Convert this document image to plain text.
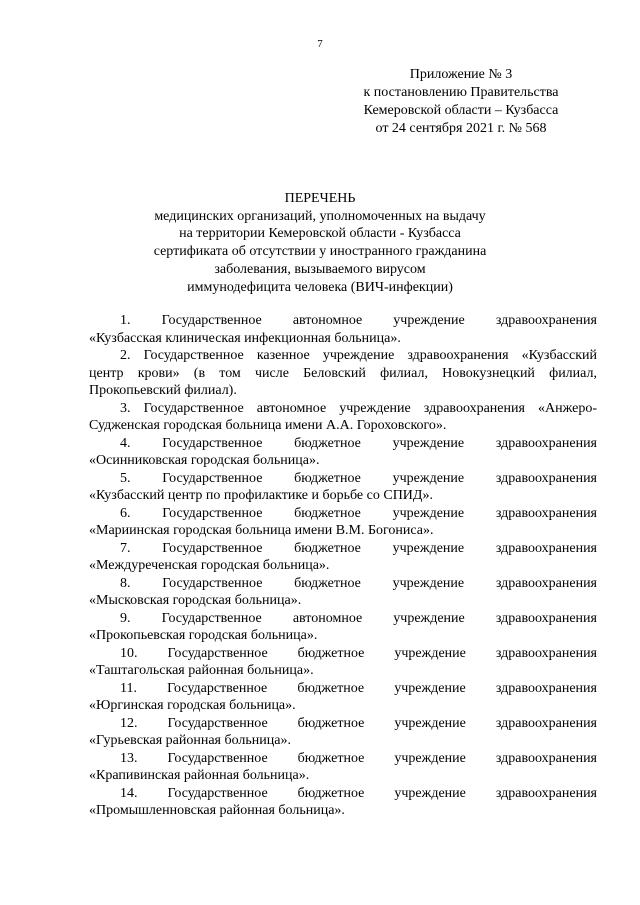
7
Приложение № 3
к постановлению Правительства
Кемеровской области – Кузбасса
от 24 сентября 2021 г. № 568
ПЕРЕЧЕНЬ
медицинских организаций, уполномоченных на выдачу
на территории Кемеровской области - Кузбасса
сертификата об отсутствии у иностранного гражданина
заболевания, вызываемого вирусом
иммунодефицита человека (ВИЧ-инфекции)
1. Государственное автономное учреждение здравоохранения
«Кузбасская клиническая инфекционная больница».
2. Государственное казенное учреждение здравоохранения «Кузбасский
центр крови» (в том числе Беловский филиал, Новокузнецкий филиал,
Прокопьевский филиал).
3. Государственное автономное учреждение здравоохранения «Анжеро-
Судженская городская больница имени А.А. Гороховского».
4. Государственное бюджетное учреждение здравоохранения
«Осинниковская городская больница».
5. Государственное бюджетное учреждение здравоохранения
«Кузбасский центр по профилактике и борьбе со СПИД».
6. Государственное бюджетное учреждение здравоохранения
«Мариинская городская больница имени В.М. Богониса».
7. Государственное бюджетное учреждение здравоохранения
«Междуреченская городская больница».
8. Государственное бюджетное учреждение здравоохранения
«Мысковская городская больница».
9. Государственное автономное учреждение здравоохранения
«Прокопьевская городская больница».
10. Государственное бюджетное учреждение здравоохранения
«Таштагольская районная больница».
11. Государственное бюджетное учреждение здравоохранения
«Юргинская городская больница».
12. Государственное бюджетное учреждение здравоохранения
«Гурьевская районная больница».
13. Государственное бюджетное учреждение здравоохранения
«Крапивинская районная больница».
14. Государственное бюджетное учреждение здравоохранения
«Промышленновская районная больница».
